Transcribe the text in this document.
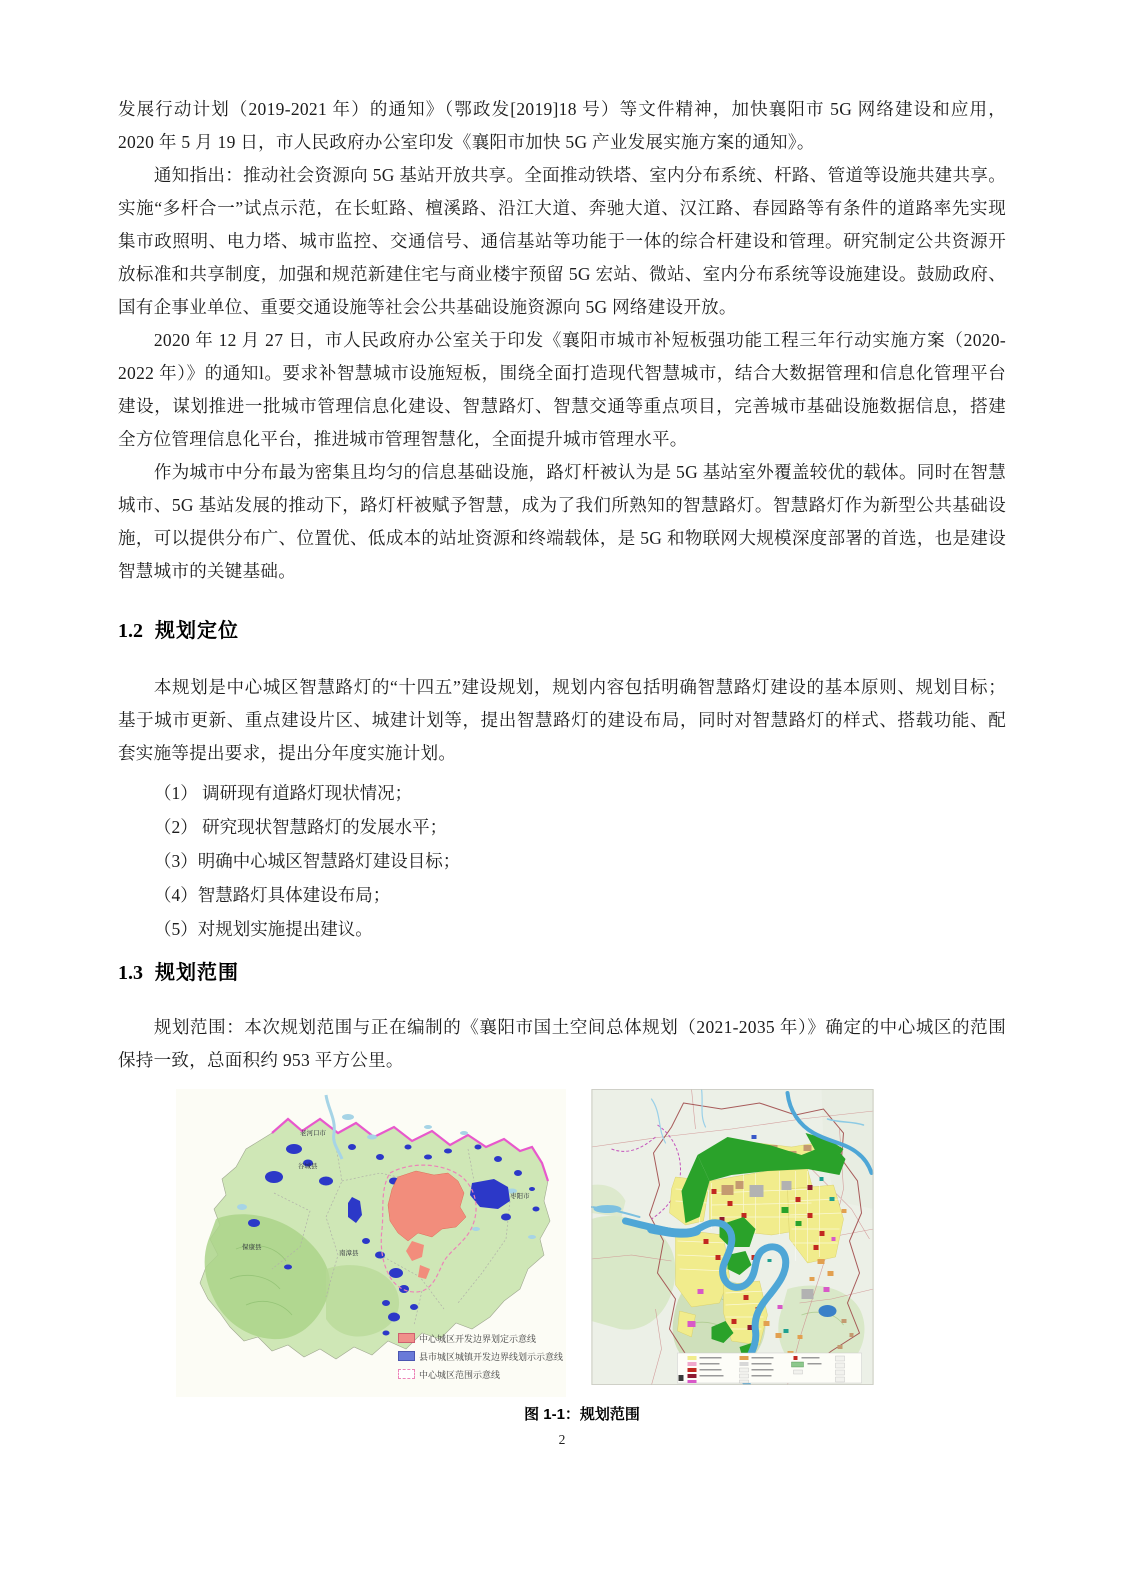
发展行动计划（2019-2021 年）的通知》（鄂政发[2019]18 号）等文件精神，加快襄阳市 5G 网络建设和应用，2020 年 5 月 19 日，市人民政府办公室印发《襄阳市加快 5G 产业发展实施方案的通知》。

通知指出：推动社会资源向 5G 基站开放共享。全面推动铁塔、室内分布系统、杆路、管道等设施共建共享。实施“多杆合一”试点示范，在长虹路、檀溪路、沿江大道、奔驰大道、汉江路、春园路等有条件的道路率先实现集市政照明、电力塔、城市监控、交通信号、通信基站等功能于一体的综合杆建设和管理。研究制定公共资源开放标准和共享制度，加强和规范新建住宅与商业楼宇预留 5G 宏站、微站、室内分布系统等设施建设。鼓励政府、国有企事业单位、重要交通设施等社会公共基础设施资源向 5G 网络建设开放。

2020 年 12 月 27 日，市人民政府办公室关于印发《襄阳市城市补短板强功能工程三年行动实施方案（2020-2022 年）》的通知l。要求补智慧城市设施短板，围绕全面打造现代智慧城市，结合大数据管理和信息化管理平台建设，谋划推进一批城市管理信息化建设、智慧路灯、智慧交通等重点项目，完善城市基础设施数据信息，搭建全方位管理信息化平台，推进城市管理智慧化，全面提升城市管理水平。

作为城市中分布最为密集且均匀的信息基础设施，路灯杆被认为是 5G 基站室外覆盖较优的载体。同时在智慧城市、5G 基站发展的推动下，路灯杆被赋予智慧，成为了我们所熟知的智慧路灯。智慧路灯作为新型公共基础设施，可以提供分布广、位置优、低成本的站址资源和终端载体，是 5G 和物联网大规模深度部署的首选，也是建设智慧城市的关键基础。

1.2 规划定位

本规划是中心城区智慧路灯的“十四五”建设规划，规划内容包括明确智慧路灯建设的基本原则、规划目标；基于城市更新、重点建设片区、城建计划等，提出智慧路灯的建设布局，同时对智慧路灯的样式、搭载功能、配套实施等提出要求，提出分年度实施计划。

（1） 调研现有道路灯现状情况；

（2） 研究现状智慧路灯的发展水平；

（3）明确中心城区智慧路灯建设目标；

（4）智慧路灯具体建设布局；

（5）对规划实施提出建议。

1.3 规划范围

规划范围：本次规划范围与正在编制的《襄阳市国土空间总体规划（2021-2035 年）》确定的中心城区的范围保持一致，总面积约 953 平方公里。

老河口市
谷城县
保康县
南漳县
枣阳市
中心城区开发边界划定示意线
县市城区城镇开发边界线划示示意线
中心城区范围示意线
图 1-1：规划范围
2
